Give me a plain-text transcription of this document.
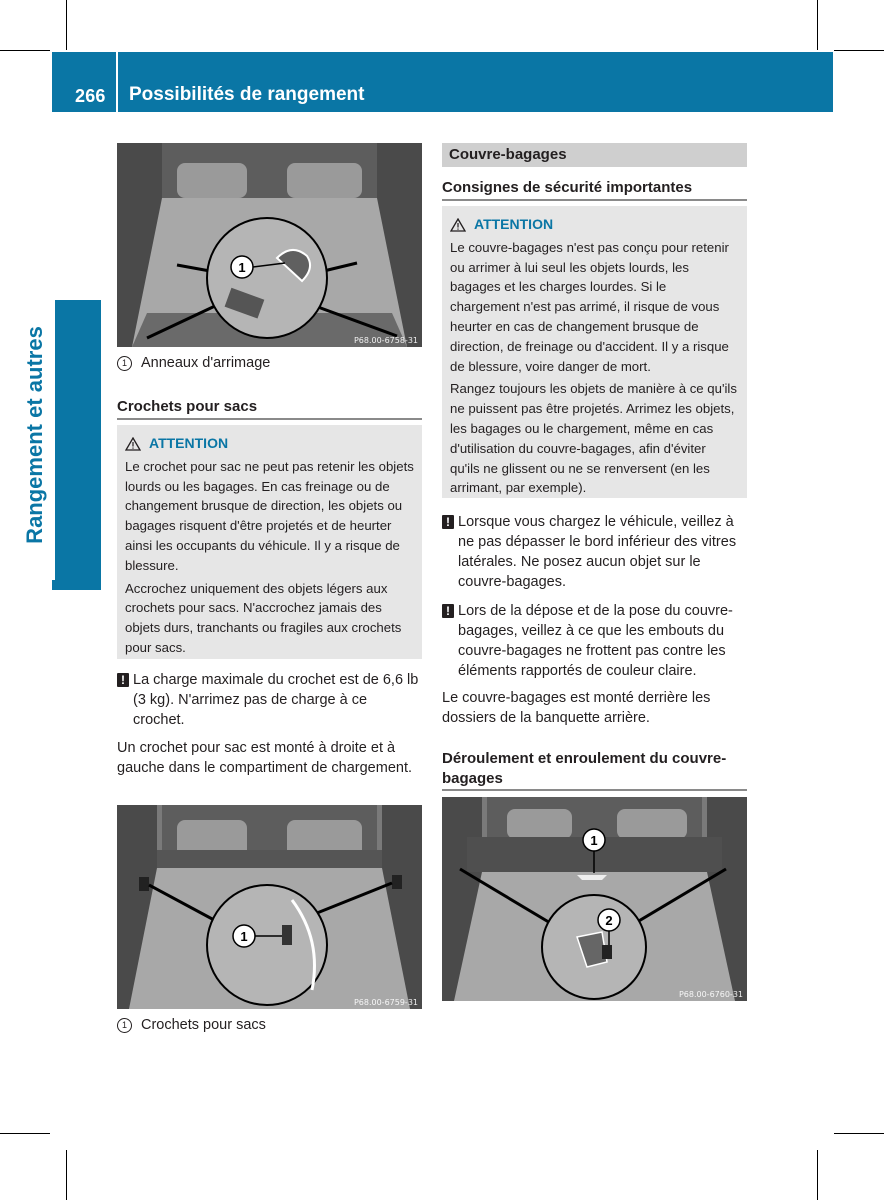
266 Possibilités de rangement
Rangement et autres
1
P68.00-6758-31
1 Anneaux d'arrimage
Crochets pour sacs
ATTENTION

Le crochet pour sac ne peut pas retenir les objets lourds ou les bagages. En cas freinage ou de changement brusque de direction, les objets ou bagages risquent d'être projetés et de heurter ainsi les occupants du véhicule. Il y a risque de blessure.

Accrochez uniquement des objets légers aux crochets pour sacs. N'accrochez jamais des objets durs, tranchants ou fragiles aux crochets pour sacs.

! La charge maximale du crochet est de 6,6 lb (3 kg). N'arrimez pas de charge à ce crochet.
Un crochet pour sac est monté à droite et à gauche dans le compartiment de chargement.
1
P68.00-6759-31
1 Crochets pour sacs
Couvre-bagages
Consignes de sécurité importantes
ATTENTION

Le couvre-bagages n'est pas conçu pour retenir ou arrimer à lui seul les objets lourds, les bagages et les charges lourdes. Si le chargement n'est pas arrimé, il risque de vous heurter en cas de changement brusque de direction, de freinage ou d'accident. Il y a risque de blessure, voire danger de mort.

Rangez toujours les objets de manière à ce qu'ils ne puissent pas être projetés. Arrimez les objets, les bagages ou le chargement, même en cas d'utilisation du couvre-bagages, afin d'éviter qu'ils ne glissent ou ne se renversent (en les arrimant, par exemple).

! Lorsque vous chargez le véhicule, veillez à ne pas dépasser le bord inférieur des vitres latérales. Ne posez aucun objet sur le couvre-bagages.
! Lors de la dépose et de la pose du couvre-bagages, veillez à ce que les embouts du couvre-bagages ne frottent pas contre les éléments rapportés de couleur claire.
Le couvre-bagages est monté derrière les dossiers de la banquette arrière.
Déroulement et enroulement du couvre-bagages
1
2
P68.00-6760-31
